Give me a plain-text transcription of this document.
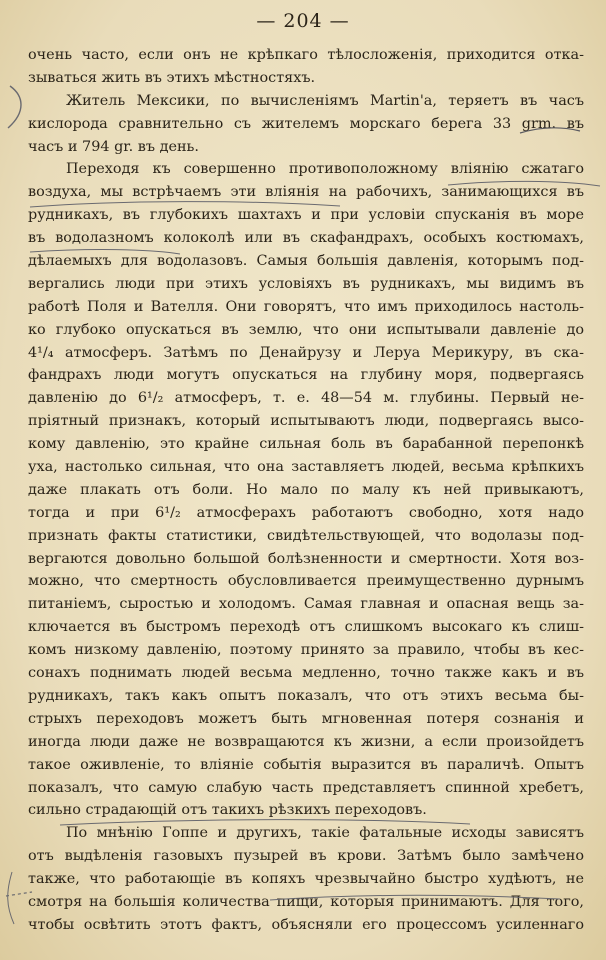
— 204 —
очень часто, если онъ не крѣпкаго тѣлосложенія, приходится отка-
зываться жить въ этихъ мѣстностяхъ.
Житель Мексики, по вычисленіямъ Martin'а, теряетъ въ часъ
кислорода сравнительно съ жителемъ морскаго берега 33 grm. въ
часъ и 794 gr. въ день.
Переходя къ совершенно противоположному вліянію сжатаго
воздуха, мы встрѣчаемъ эти вліянія на рабочихъ, занимающихся въ
рудникахъ, въ глубокихъ шахтахъ и при условіи спусканія въ море
въ водолазномъ колоколѣ или въ скафандрахъ, особыхъ костюмахъ,
дѣлаемыхъ для водолазовъ. Самыя большія давленія, которымъ под-
вергались люди при этихъ условіяхъ въ рудникахъ, мы видимъ въ
работѣ Поля и Вателля. Они говорятъ, что имъ приходилось настоль-
ко глубоко опускаться въ землю, что они испытывали давленіе до
4¹/₄ атмосферъ. Затѣмъ по Денайрузу и Леруа Мерикуру, въ ска-
фандрахъ люди могутъ опускаться на глубину моря, подвергаясь
давленію до 6¹/₂ атмосферъ, т. е. 48—54 м. глубины. Первый не-
пріятный признакъ, который испытываютъ люди, подвергаясь высо-
кому давленію, это крайне сильная боль въ барабанной перепонкѣ
уха, настолько сильная, что она заставляетъ людей, весьма крѣпкихъ
даже плакать отъ боли. Но мало по малу къ ней привыкаютъ,
тогда и при 6¹/₂ атмосферахъ работаютъ свободно, хотя надо
признать факты статистики, свидѣтельствующей, что водолазы под-
вергаются довольно большой болѣзненности и смертности. Хотя воз-
можно, что смертность обусловливается преимущественно дурнымъ
питаніемъ, сыростью и холодомъ. Самая главная и опасная вещь за-
ключается въ быстромъ переходѣ отъ слишкомъ высокаго къ слиш-
комъ низкому давленію, поэтому принято за правило, чтобы въ кес-
сонахъ поднимать людей весьма медленно, точно также какъ и въ
рудникахъ, такъ какъ опытъ показалъ, что отъ этихъ весьма бы-
стрыхъ переходовъ можетъ быть мгновенная потеря сознанія и
иногда люди даже не возвращаются къ жизни, а если произойдетъ
такое оживленіе, то вліяніе событія выразится въ параличѣ. Опытъ
показалъ, что самую слабую часть представляетъ спинной хребетъ,
сильно страдающій отъ такихъ рѣзкихъ переходовъ.
По мнѣнію Гоппе и другихъ, такіе фатальные исходы зависятъ
отъ выдѣленія газовыхъ пузырей въ крови. Затѣмъ было замѣчено
также, что работающіе въ копяхъ чрезвычайно быстро худѣютъ, не
смотря на большія количества пищи, которыя принимаютъ. Для того,
чтобы освѣтить этотъ фактъ, объясняли его процессомъ усиленнаго
